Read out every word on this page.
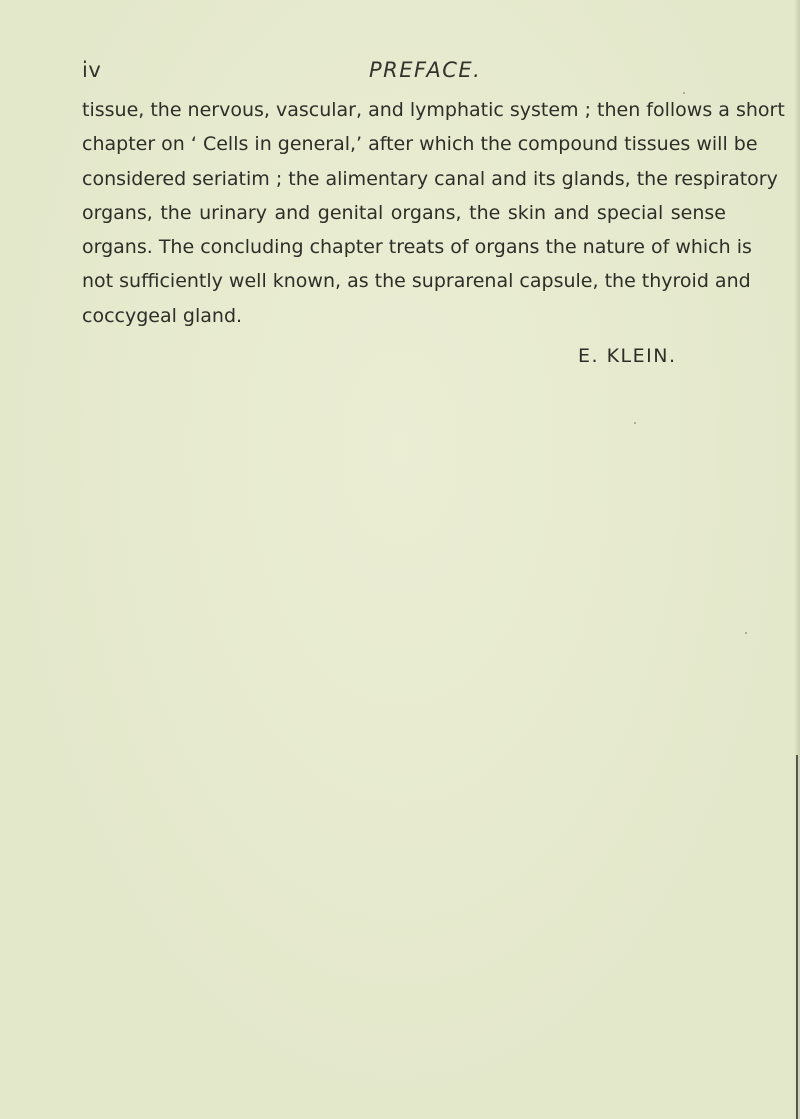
iv	PREFACE.
tissue, the nervous, vascular, and lymphatic system ; then follows a short
chapter on ‘ Cells in general,’ after which the compound tissues will be
considered seriatim ; the alimentary canal and its glands, the respiratory
organs, the urinary and genital organs, the skin and special sense
organs. The concluding chapter treats of organs the nature of which is
not sufficiently well known, as the suprarenal capsule, the thyroid and
coccygeal gland.
E. KLEIN.
